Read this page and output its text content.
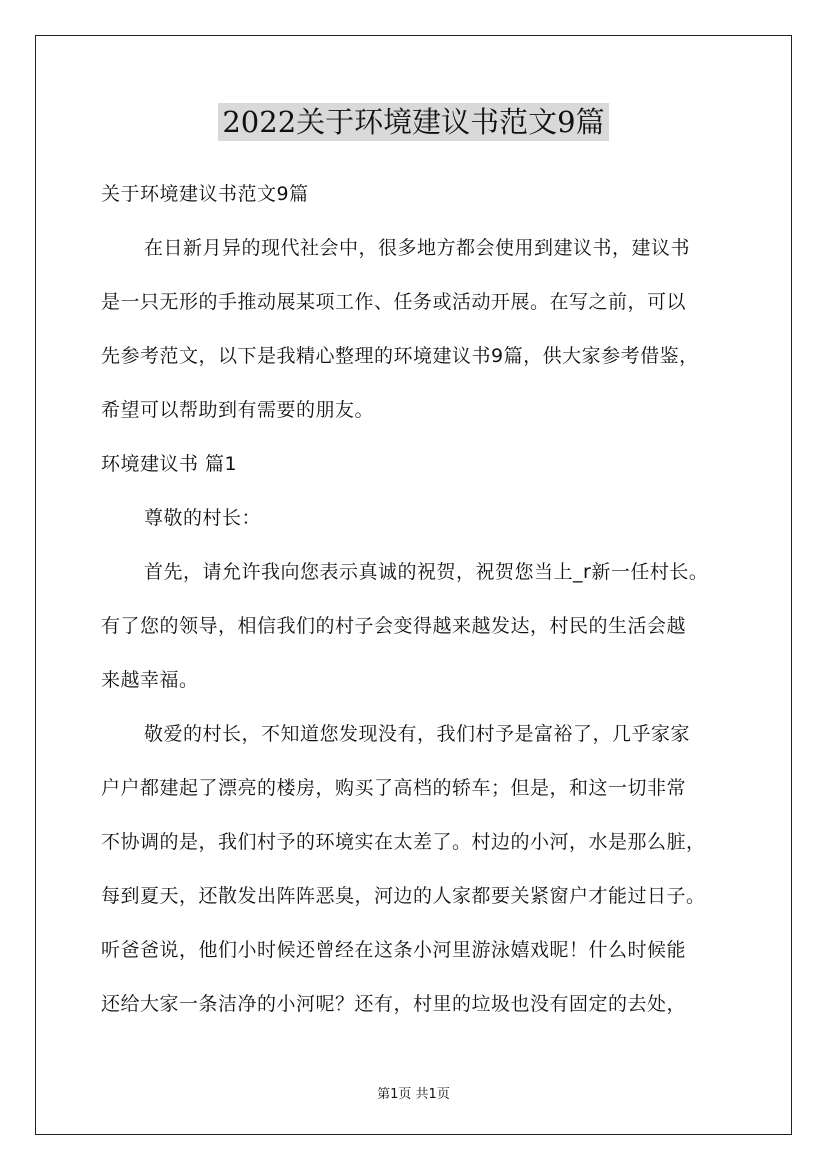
2022关于环境建议书范文9篇
关于环境建议书范文9篇
在日新月异的现代社会中，很多地方都会使用到建议书，建议书
是一只无形的手推动展某项工作、任务或活动开展。在写之前，可以
先参考范文，以下是我精心整理的环境建议书9篇，供大家参考借鉴，
希望可以帮助到有需要的朋友。
环境建议书 篇1
尊敬的村长：
首先，请允许我向您表示真诚的祝贺，祝贺您当上_r新一任村长。
有了您的领导，相信我们的村子会变得越来越发达，村民的生活会越
来越幸福。
敬爱的村长，不知道您发现没有，我们村予是富裕了，几乎家家
户户都建起了漂亮的楼房，购买了高档的轿车；但是，和这一切非常
不协调的是，我们村予的环境实在太差了。村边的小河，水是那么脏，
每到夏天，还散发出阵阵恶臭，河边的人家都要关紧窗户才能过日子。
听爸爸说，他们小时候还曾经在这条小河里游泳嬉戏昵！什么时候能
还给大家一条洁净的小河呢？还有，村里的垃圾也没有固定的去处，
第1页 共1页
